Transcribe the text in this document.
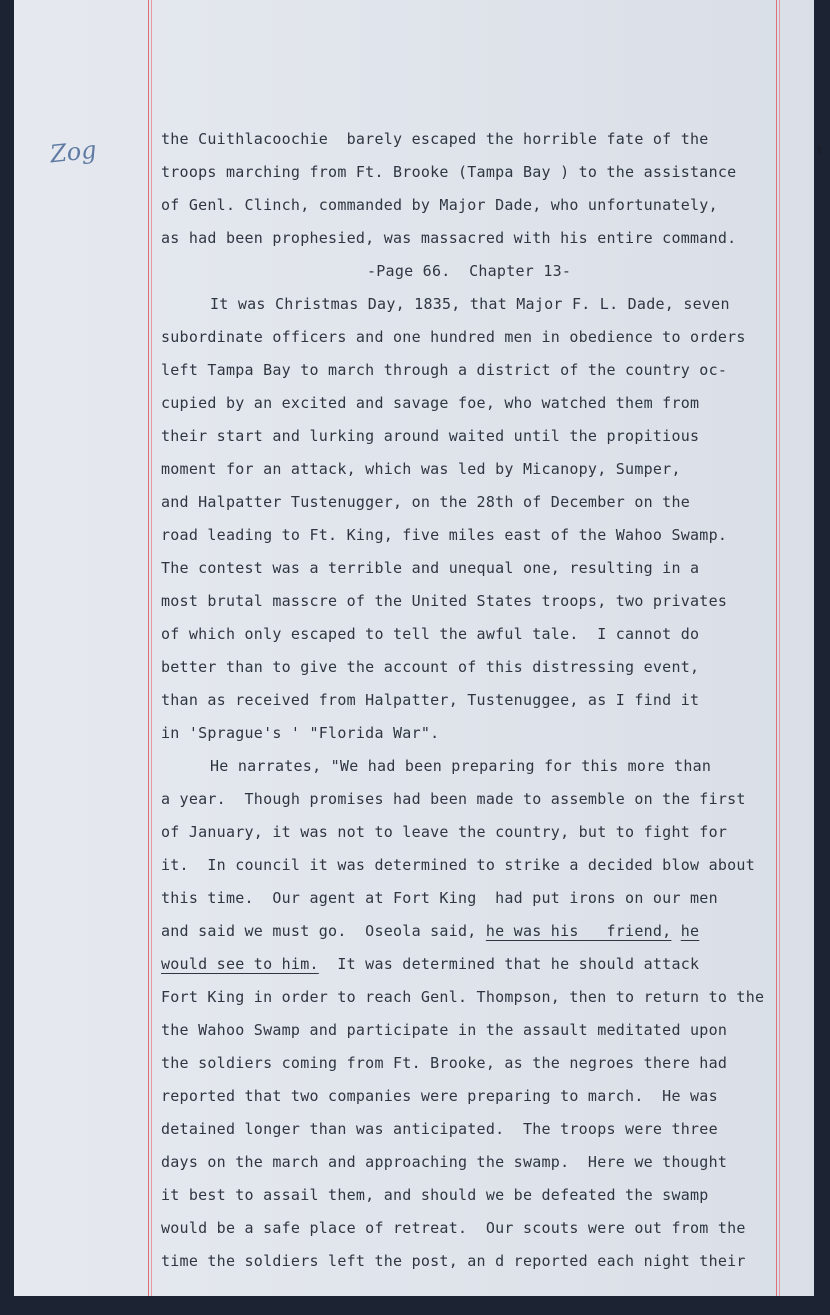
Zog	the Cuithlacoochie  barely escaped the horrible fate of the

troops marching from Ft. Brooke (Tampa Bay ) to the assistance

of Genl. Clinch, commanded by Major Dade, who unfortunately,

as had been prophesied, was massacred with his entire command.

-Page 66.  Chapter 13-

It was Christmas Day, 1835, that Major F. L. Dade, seven

subordinate officers and one hundred men in obedience to orders

left Tampa Bay to march through a district of the country oc-

cupied by an excited and savage foe, who watched them from

their start and lurking around waited until the propitious

moment for an attack, which was led by Micanopy, Sumper,

and Halpatter Tustenugger, on the 28th of December on the

road leading to Ft. King, five miles east of the Wahoo Swamp.

The contest was a terrible and unequal one, resulting in a

most brutal masscre of the United States troops, two privates

of which only escaped to tell the awful tale.  I cannot do

better than to give the account of this distressing event,

than as received from Halpatter, Tustenuggee, as I find it

in 'Sprague's ' "Florida War".

He narrates, "We had been preparing for this more than

a year.  Though promises had been made to assemble on the first

of January, it was not to leave the country, but to fight for

it.  In council it was determined to strike a decided blow about

this time.  Our agent at Fort King  had put irons on our men

and said we must go.  Oseola said, he was his   friend, he

would see to him. It was determined that he should attack

Fort King in order to reach Genl. Thompson, then to return to the

the Wahoo Swamp and participate in the assault meditated upon

the soldiers coming from Ft. Brooke, as the negroes there had

reported that two companies were preparing to march.  He was

detained longer than was anticipated.  The troops were three

days on the march and approaching the swamp.  Here we thought

it best to assail them, and should we be defeated the swamp

would be a safe place of retreat.  Our scouts were out from the

time the soldiers left the post, an d reported each night their
